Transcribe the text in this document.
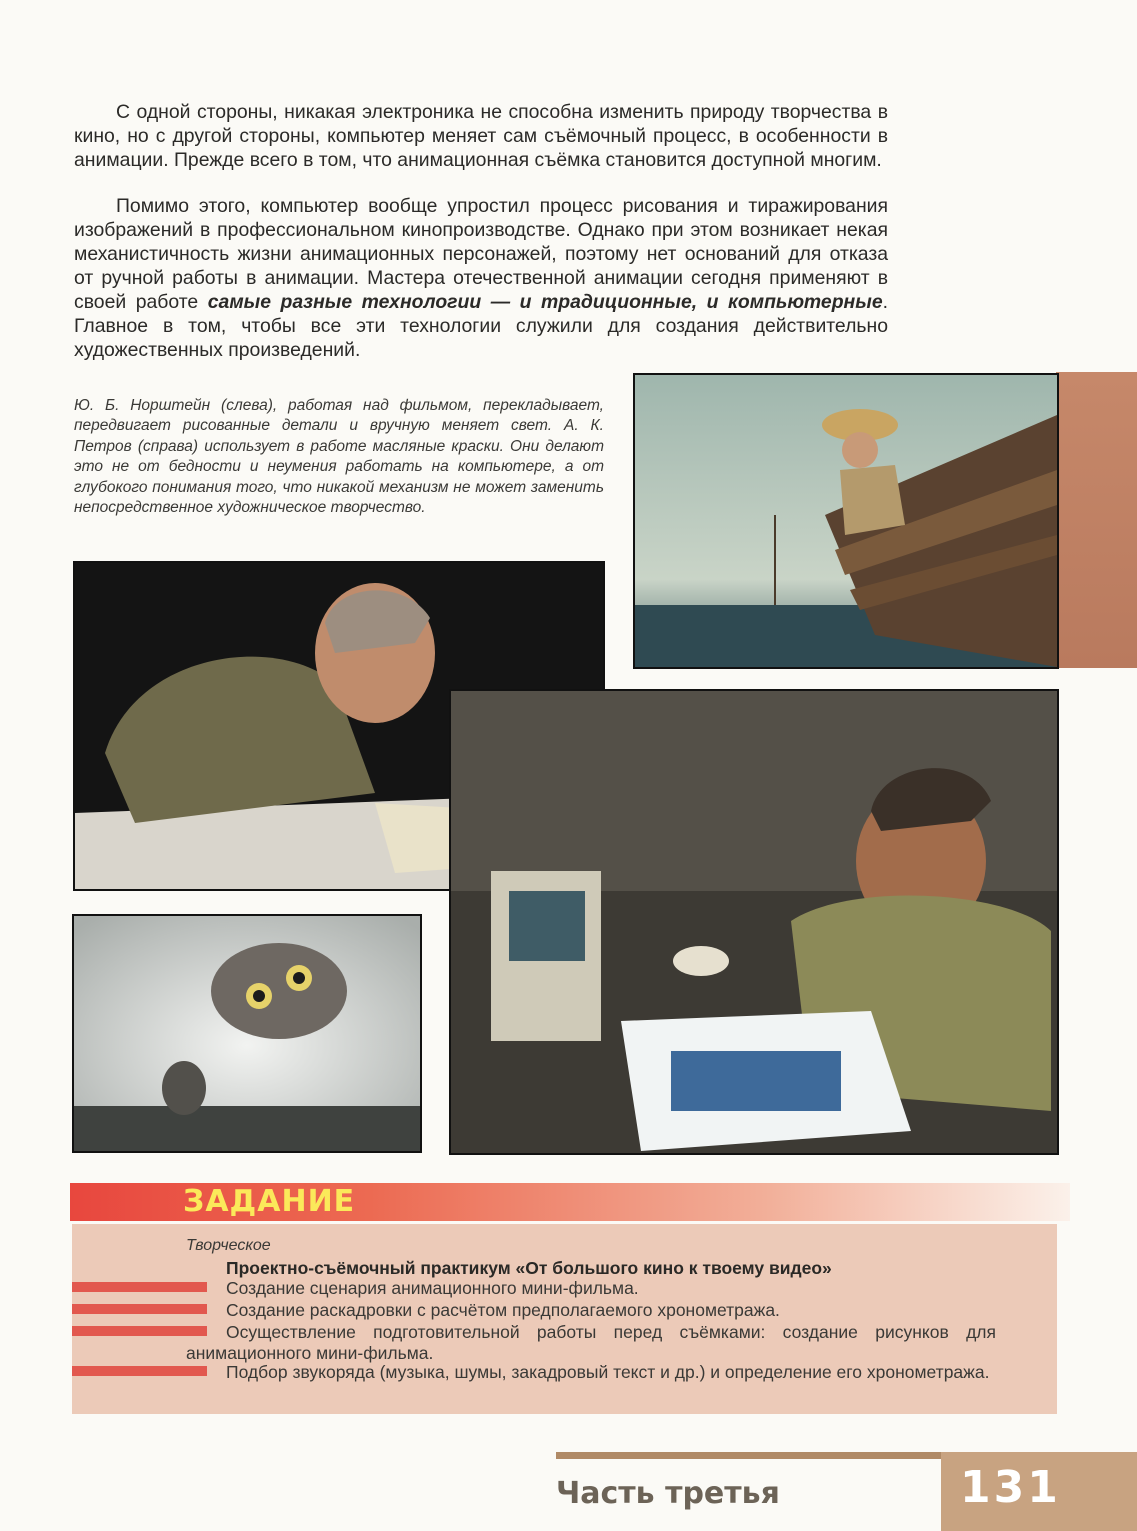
С одной стороны, никакая электроника не способна изменить природу творчества в кино, но с другой стороны, компьютер меняет сам съёмочный процесс, в особенности в анимации. Прежде всего в том, что анимационная съёмка становится доступной многим.

Помимо этого, компьютер вообще упростил процесс рисования и тиражирования изображений в профессиональном кинопроизводстве. Однако при этом возникает некая механистичность жизни анимационных персонажей, поэтому нет оснований для отказа от ручной работы в анимации. Мастера отечественной анимации сегодня применяют в своей работе самые разные технологии — и традиционные, и компьютерные. Главное в том, чтобы все эти технологии служили для создания действительно художественных произведений.

Ю. Б. Норштейн (слева), работая над фильмом, перекладывает, передвигает рисованные детали и вручную меняет свет. А. К. Петров (справа) использует в работе масляные краски. Они делают это не от бедности и неумения работать на компьютере, а от глубокого понимания того, что никакой механизм не может заменить непосредственное художническое творчество.

ЗАДАНИЕ
Творческое
Проектно-съёмочный практикум «От большого кино к твоему видео»
Создание сценария анимационного мини-фильма.
Создание раскадровки с расчётом предполагаемого хронометража.
Осуществление подготовительной работы перед съёмками: создание рисунков для анимационного мини-фильма.
Подбор звукоряда (музыка, шумы, закадровый текст и др.) и определение его хронометража.
Часть третья	131
